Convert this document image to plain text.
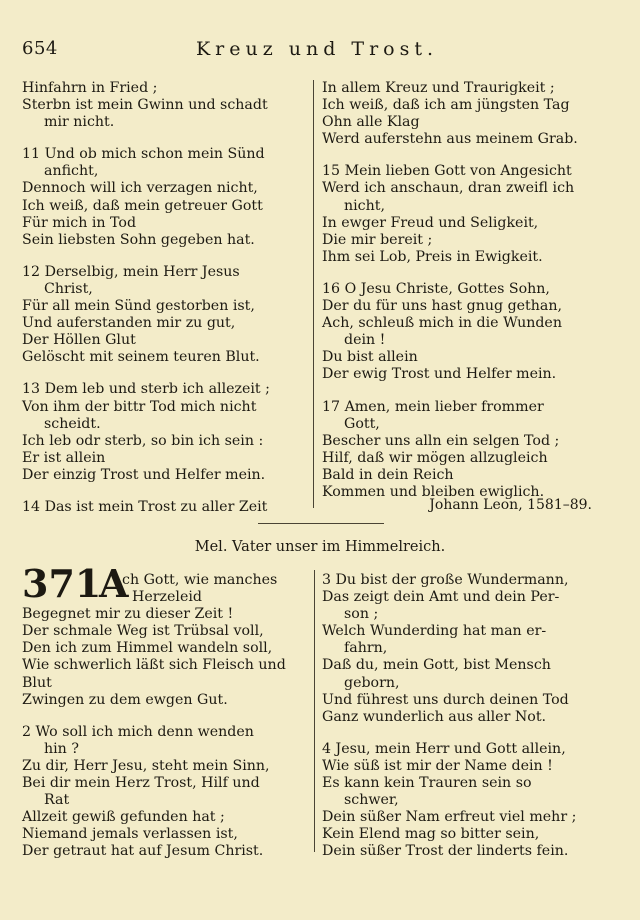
654	Kreuz und Trost.
Hinfahrn in Fried ;
Sterbn ist mein Gwinn und schadt
mir nicht.
11 Und ob mich schon mein Sünd
anficht,
Dennoch will ich verzagen nicht,
Ich weiß, daß mein getreuer Gott
Für mich in Tod
Sein liebsten Sohn gegeben hat.
12 Derselbig, mein Herr Jesus
Christ,
Für all mein Sünd gestorben ist,
Und auferstanden mir zu gut,
Der Höllen Glut
Gelöscht mit seinem teuren Blut.
13 Dem leb und sterb ich allezeit ;
Von ihm der bittr Tod mich nicht
scheidt.
Ich leb odr sterb, so bin ich sein :
Er ist allein
Der einzig Trost und Helfer mein.
14 Das ist mein Trost zu aller Zeit
In allem Kreuz und Traurigkeit ;
Ich weiß, daß ich am jüngsten Tag
Ohn alle Klag
Werd auferstehn aus meinem Grab.
15 Mein lieben Gott von Angesicht
Werd ich anschaun, dran zweifl ich
nicht,
In ewger Freud und Seligkeit,
Die mir bereit ;
Ihm sei Lob, Preis in Ewigkeit.
16 O Jesu Christe, Gottes Sohn,
Der du für uns hast gnug gethan,
Ach, schleuß mich in die Wunden
dein !
Du bist allein
Der ewig Trost und Helfer mein.
17 Amen, mein lieber frommer
Gott,
Bescher uns alln ein selgen Tod ;
Hilf, daß wir mögen allzugleich
Bald in dein Reich
Kommen und bleiben ewiglich.
Johann Leon, 1581–89.
Mel. Vater unser im Himmelreich.
371
A
ch Gott, wie manches
Herzeleid
Begegnet mir zu dieser Zeit !
Der schmale Weg ist Trübsal voll,
Den ich zum Himmel wandeln soll,
Wie schwerlich läßt sich Fleisch und
Blut
Zwingen zu dem ewgen Gut.
2 Wo soll ich mich denn wenden
hin ?
Zu dir, Herr Jesu, steht mein Sinn,
Bei dir mein Herz Trost, Hilf und
Rat
Allzeit gewiß gefunden hat ;
Niemand jemals verlassen ist,
Der getraut hat auf Jesum Christ.
3 Du bist der große Wundermann,
Das zeigt dein Amt und dein Per-
son ;
Welch Wunderding hat man er-
fahrn,
Daß du, mein Gott, bist Mensch
geborn,
Und führest uns durch deinen Tod
Ganz wunderlich aus aller Not.
4 Jesu, mein Herr und Gott allein,
Wie süß ist mir der Name dein !
Es kann kein Trauren sein so
schwer,
Dein süßer Nam erfreut viel mehr ;
Kein Elend mag so bitter sein,
Dein süßer Trost der linderts fein.
